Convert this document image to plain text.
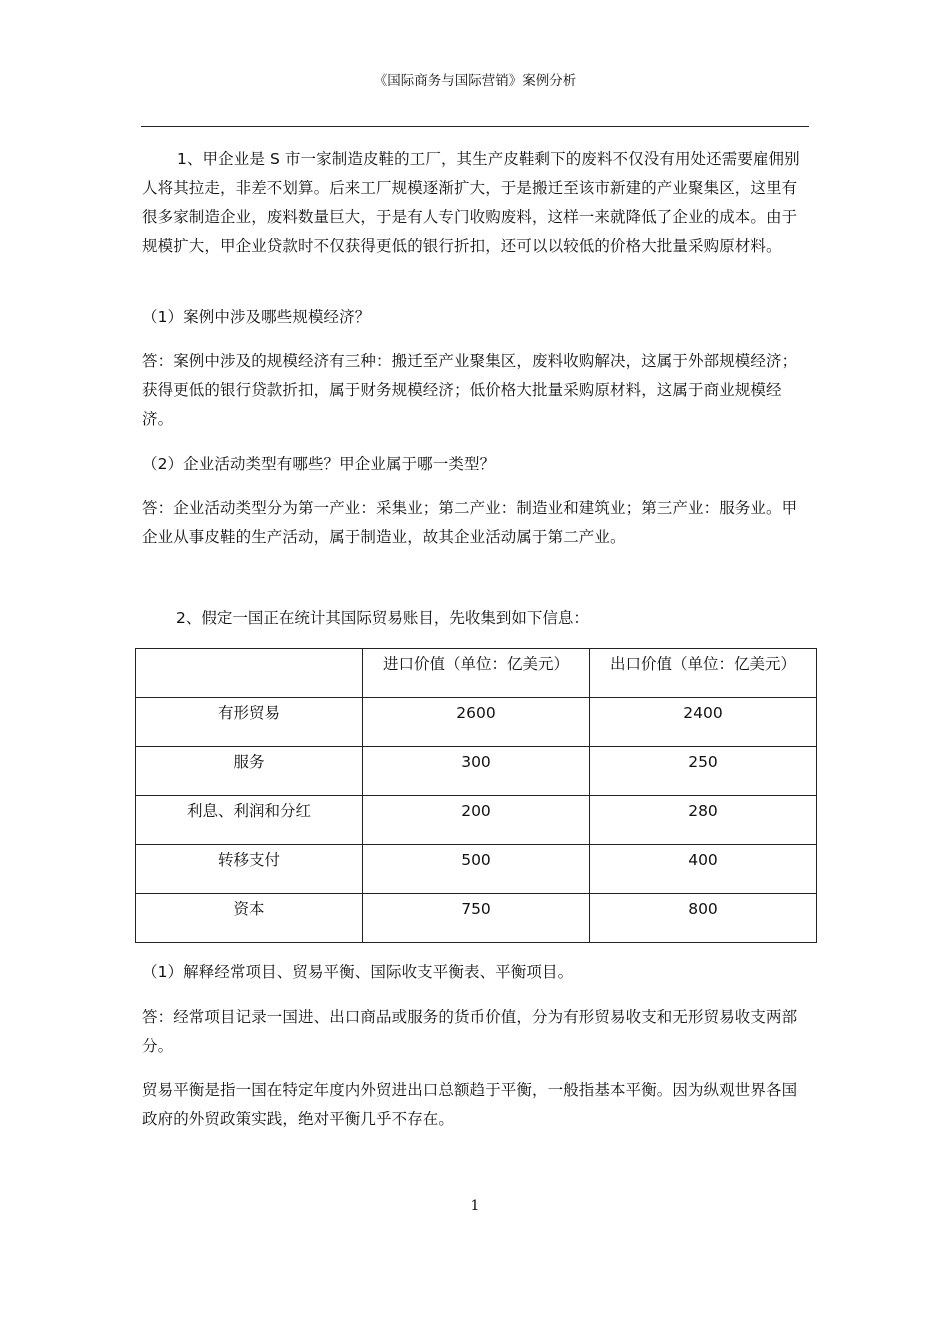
《国际商务与国际营销》案例分析

1、甲企业是 S 市一家制造皮鞋的工厂，其生产皮鞋剩下的废料不仅没有用处还需要雇佣别人将其拉走，非差不划算。后来工厂规模逐渐扩大，于是搬迁至该市新建的产业聚集区，这里有很多家制造企业，废料数量巨大，于是有人专门收购废料，这样一来就降低了企业的成本。由于规模扩大，甲企业贷款时不仅获得更低的银行折扣，还可以以较低的价格大批量采购原材料。

（1）案例中涉及哪些规模经济？

答：案例中涉及的规模经济有三种：搬迁至产业聚集区，废料收购解决，这属于外部规模经济；获得更低的银行贷款折扣，属于财务规模经济；低价格大批量采购原材料，这属于商业规模经济。

（2）企业活动类型有哪些？甲企业属于哪一类型？

答：企业活动类型分为第一产业：采集业；第二产业：制造业和建筑业；第三产业：服务业。甲企业从事皮鞋的生产活动，属于制造业，故其企业活动属于第二产业。

2、假定一国正在统计其国际贸易账目，先收集到如下信息：

	进口价值（单位：亿美元）	出口价值（单位：亿美元）
有形贸易	2600	2400
服务	300	250
利息、利润和分红	200	280
转移支付	500	400
资本	750	800

（1）解释经常项目、贸易平衡、国际收支平衡表、平衡项目。

答：经常项目记录一国进、出口商品或服务的货币价值，分为有形贸易收支和无形贸易收支两部分。

贸易平衡是指一国在特定年度内外贸进出口总额趋于平衡，一般指基本平衡。因为纵观世界各国政府的外贸政策实践，绝对平衡几乎不存在。

1
